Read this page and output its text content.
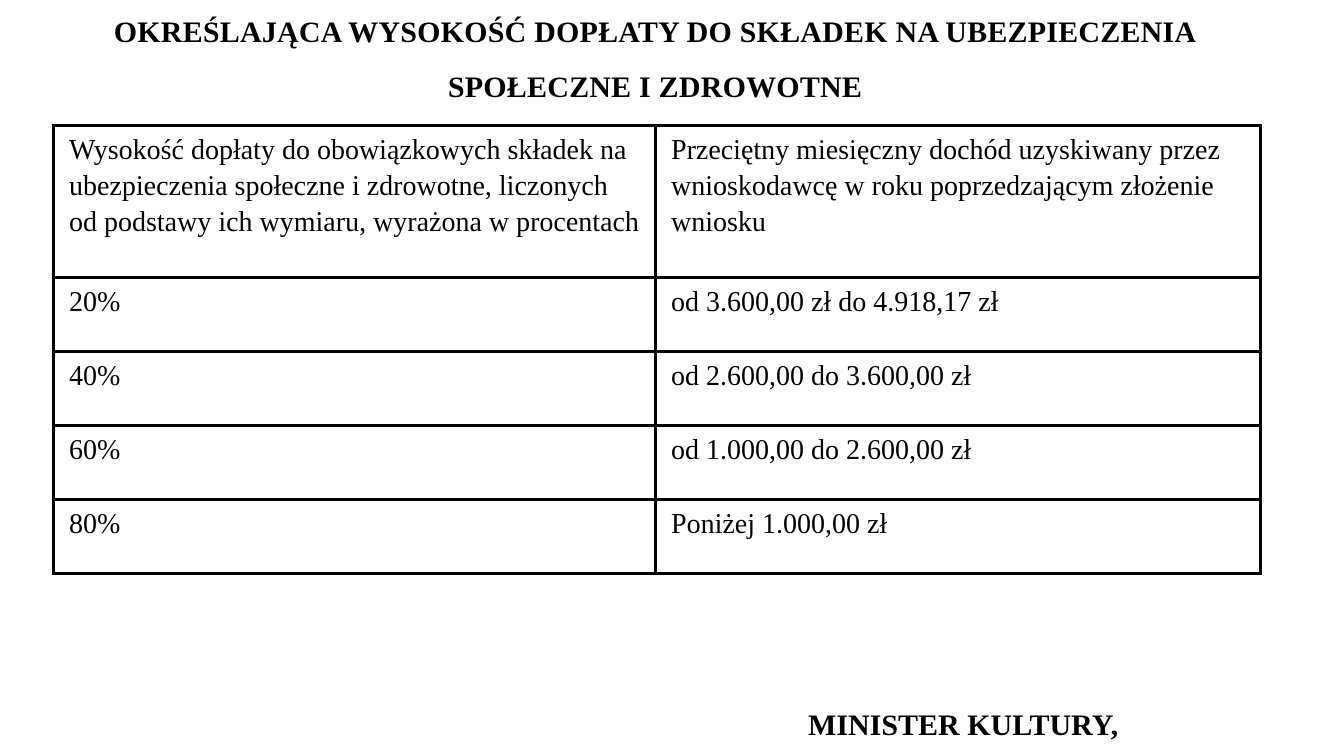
OKREŚLAJĄCA WYSOKOŚĆ DOPŁATY DO SKŁADEK NA UBEZPIECZENIA
SPOŁECZNE I ZDROWOTNE
Wysokość dopłaty do obowiązkowych składek na ubezpieczenia społeczne i zdrowotne, liczonych od podstawy ich wymiaru, wyrażona w procentach	Przeciętny miesięczny dochód uzyskiwany przez wnioskodawcę w roku poprzedzającym złożenie wniosku
20%	od 3.600,00 zł do 4.918,17 zł
40%	od 2.600,00 do 3.600,00 zł
60%	od 1.000,00 do 2.600,00 zł
80%	Poniżej 1.000,00 zł
MINISTER KULTURY,
